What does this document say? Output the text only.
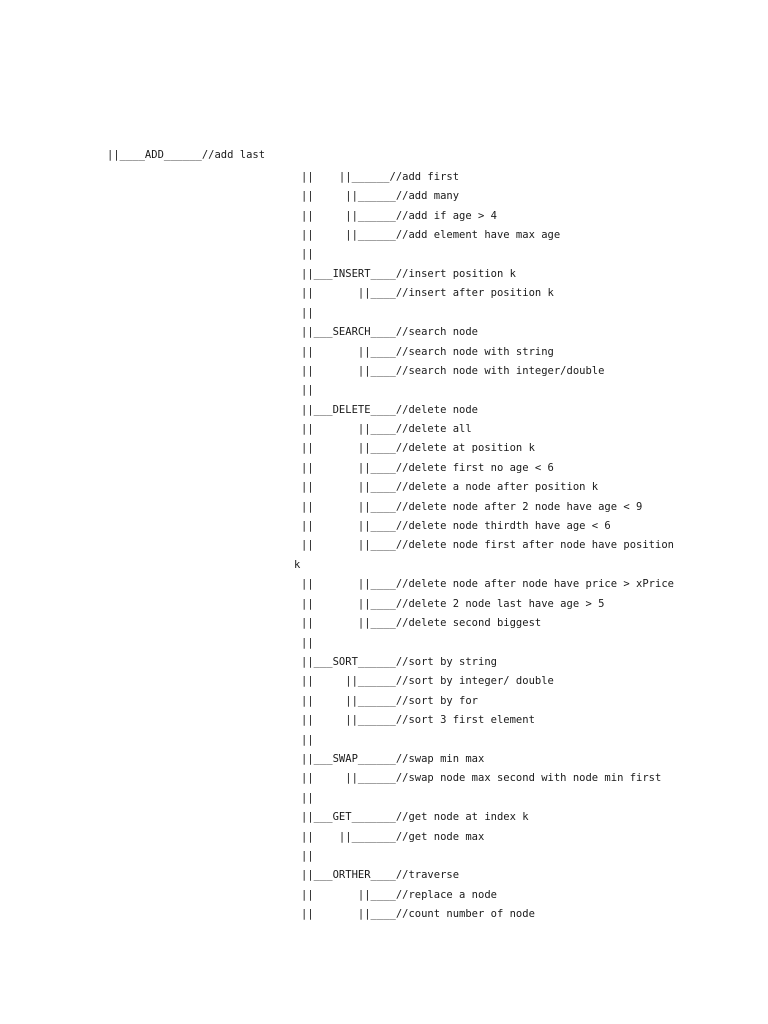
||____ADD______//add last

||    ||______//add first

||     ||______//add many

||     ||______//add if age > 4

||     ||______//add element have max age

||

||___INSERT____//insert position k

||       ||____//insert after position k

||

||___SEARCH____//search node

||       ||____//search node with string

||       ||____//search node with integer/double

||

||___DELETE____//delete node

||       ||____//delete all

||       ||____//delete at position k

||       ||____//delete first no age < 6

||       ||____//delete a node after position k

||       ||____//delete node after 2 node have age < 9

||       ||____//delete node thirdth have age < 6

||       ||____//delete node first after node have position

k

||       ||____//delete node after node have price > xPrice

||       ||____//delete 2 node last have age > 5

||       ||____//delete second biggest

||

||___SORT______//sort by string

||     ||______//sort by integer/ double

||     ||______//sort by for

||     ||______//sort 3 first element

||

||___SWAP______//swap min max

||     ||______//swap node max second with node min first

||

||___GET_______//get node at index k

||    ||_______//get node max

||

||___ORTHER____//traverse

||       ||____//replace a node

||       ||____//count number of node
